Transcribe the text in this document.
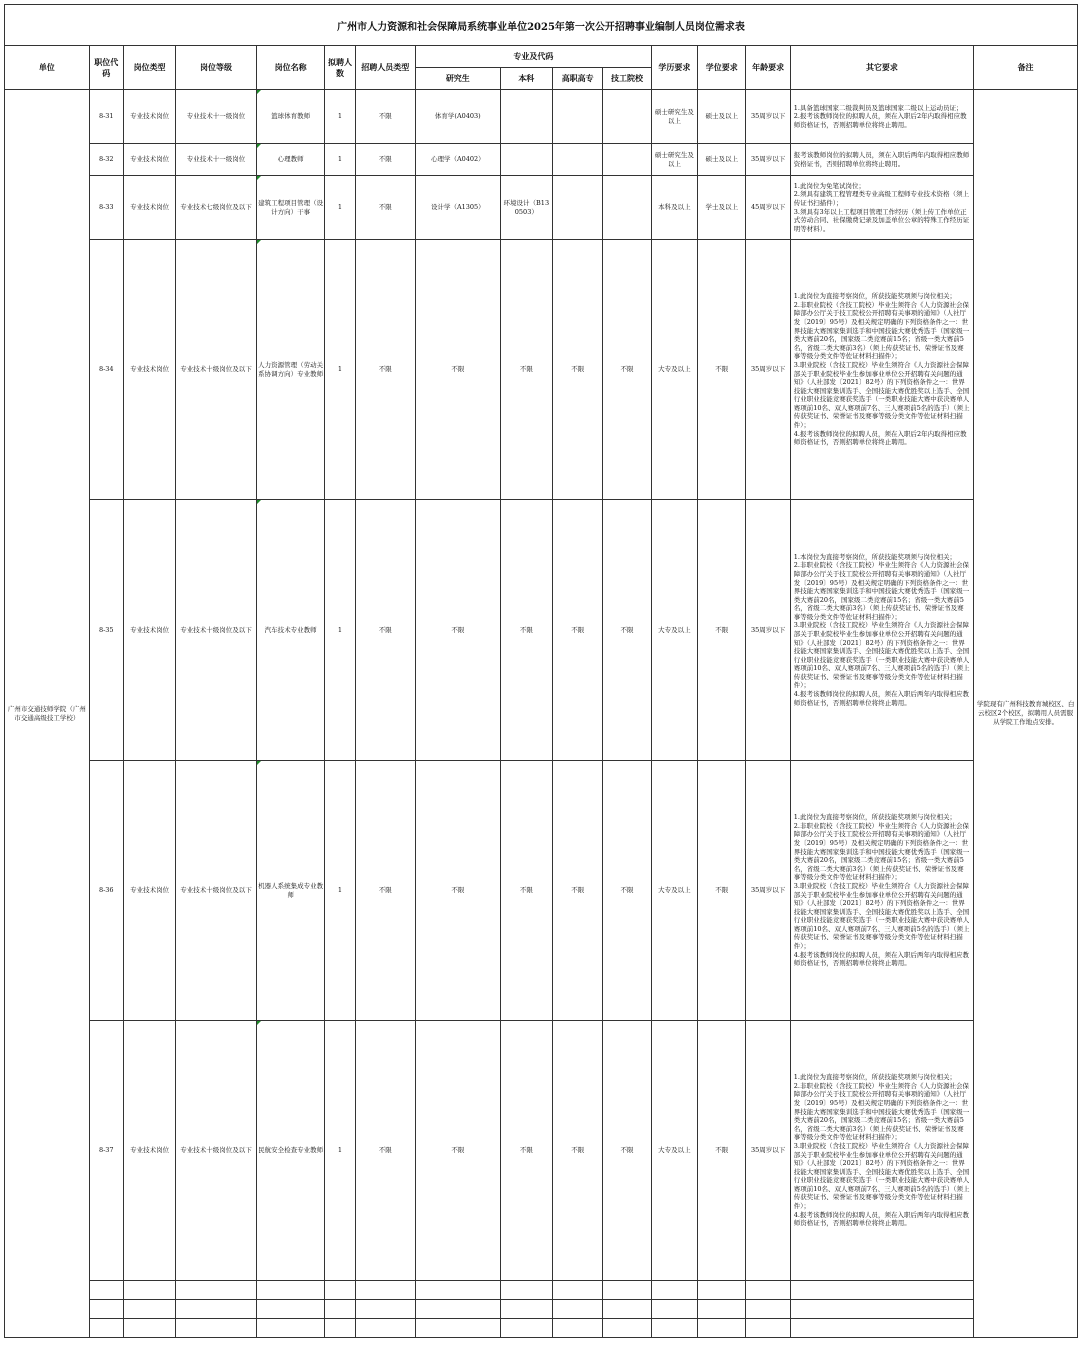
广州市人力资源和社会保障局系统事业单位2025年第一次公开招聘事业编制人员岗位需求表
单位	职位代码	岗位类型	岗位等级	岗位名称	拟聘人数	招聘人员类型	专业及代码				学历要求	学位要求	年龄要求	其它要求	备注
							研究生	本科	高职高专	技工院校					
广州市交通技师学院（广州市交通高级技工学校）	8-31	专业技术岗位	专业技术十一级岗位	篮球体育教师	1	不限	体育学(A0403)				硕士研究生及以上	硕士及以上	35周岁以下	1.具备篮球国家二级裁判员及篮球国家二级以上运动员证；

2.报考该教师岗位的拟聘人员，须在入职后2年内取得相应教师资格证书，否则招聘单位将终止聘用。	学院现有广州科技教育城校区、白云校区2个校区，拟聘用人员需服从学院工作地点安排。
	8-32	专业技术岗位	专业技术十一级岗位	心理教师	1	不限	心理学（A0402）				硕士研究生及以上	硕士及以上	35周岁以下	报考该教师岗位的拟聘人员，须在入职后两年内取得相应教师资格证书，否则招聘单位将终止聘用。	

	8-33	专业技术岗位	专业技术七级岗位及以下	建筑工程项目管理（设计方向）干事	1	不限	设计学（A1305）	环境设计（B130503）			本科及以上	学士及以上	45周岁以下	1.此岗位为免笔试岗位；

2.须具有建筑工程管理类专业高级工程师专业技术资格（须上传证书扫描件）；

3.须具有3年以上工程项目管理工作经历（须上传工作单位正式劳动合同、社保缴费记录及加盖单位公章的特殊工作经历证明等材料）。	

	8-34	专业技术岗位	专业技术十级岗位及以下	人力资源管理（劳动关系协调方向）专业教师	1	不限	不限	不限	不限	不限	大专及以上	不限	35周岁以下	1.此岗位为直接考察岗位，所获技能奖项须与岗位相关；

2.非职业院校（含技工院校）毕业生须符合《人力资源社会保障部办公厅关于技工院校公开招聘有关事项的通知》（人社厅发〔2019〕95号）及相关规定明确的下列资格条件之一：世界技能大赛国家集训选手和中国技能大赛优秀选手（国家级一类大赛前20名，国家级二类竞赛前15名；省级一类大赛前5名，省级二类大赛前3名）（须上传获奖证书、荣誉证书及赛事等级分类文件等佐证材料扫描件）；

3.职业院校（含技工院校）毕业生须符合《人力资源社会保障部关于职业院校毕业生参加事业单位公开招聘有关问题的通知》（人社部发〔2021〕82号）的下列资格条件之一：世界技能大赛国家集训选手、全国技能大赛优胜奖以上选手、全国行业职业技能竞赛获奖选手（一类职业技能大赛中获决赛单人赛项前10名、双人赛项前7名、三人赛项前5名的选手）（须上传获奖证书、荣誉证书及赛事等级分类文件等佐证材料扫描件）；

4.报考该教师岗位的拟聘人员，须在入职后2年内取得相应教师资格证书，否则招聘单位将终止聘用。	

	8-35	专业技术岗位	专业技术十级岗位及以下	汽车技术专业教师	1	不限	不限	不限	不限	不限	大专及以上	不限	35周岁以下	1.本岗位为直接考察岗位，所获技能奖项须与岗位相关；

2.非职业院校（含技工院校）毕业生须符合《人力资源社会保障部办公厅关于技工院校公开招聘有关事项的通知》（人社厅发〔2019〕95号）及相关规定明确的下列资格条件之一：世界技能大赛国家集训选手和中国技能大赛优秀选手（国家级一类大赛前20名，国家级二类竞赛前15名；省级一类大赛前5名，省级二类大赛前3名）（须上传获奖证书、荣誉证书及赛事等级分类文件等佐证材料扫描件）；

3.职业院校（含技工院校）毕业生须符合《人力资源社会保障部关于职业院校毕业生参加事业单位公开招聘有关问题的通知》（人社部发〔2021〕82号）的下列资格条件之一：世界技能大赛国家集训选手、全国技能大赛优胜奖以上选手、全国行业职业技能竞赛获奖选手（一类职业技能大赛中获决赛单人赛项前10名、双人赛项前7名、三人赛项前5名的选手）（须上传获奖证书、荣誉证书及赛事等级分类文件等佐证材料扫描件）；

4.报考该教师岗位的拟聘人员，须在入职后两年内取得相应教师资格证书，否则招聘单位将终止聘用。	

	8-36	专业技术岗位	专业技术十级岗位及以下	机器人系统集成专业教师	1	不限	不限	不限	不限	不限	大专及以上	不限	35周岁以下	1.此岗位为直接考察岗位，所获技能奖项须与岗位相关；

2.非职业院校（含技工院校）毕业生须符合《人力资源社会保障部办公厅关于技工院校公开招聘有关事项的通知》（人社厅发〔2019〕95号）及相关规定明确的下列资格条件之一：世界技能大赛国家集训选手和中国技能大赛优秀选手（国家级一类大赛前20名，国家级二类竞赛前15名；省级一类大赛前5名，省级二类大赛前3名）（须上传获奖证书、荣誉证书及赛事等级分类文件等佐证材料扫描件）；

3.职业院校（含技工院校）毕业生须符合《人力资源社会保障部关于职业院校毕业生参加事业单位公开招聘有关问题的通知》（人社部发〔2021〕82号）的下列资格条件之一：世界技能大赛国家集训选手、全国技能大赛优胜奖以上选手、全国行业职业技能竞赛获奖选手（一类职业技能大赛中获决赛单人赛项前10名、双人赛项前7名、三人赛项前5名的选手）（须上传获奖证书、荣誉证书及赛事等级分类文件等佐证材料扫描件）；

4.报考该教师岗位的拟聘人员，须在入职后两年内取得相应教师资格证书，否则招聘单位将终止聘用。	

	8-37	专业技术岗位	专业技术十级岗位及以下	民航安全检查专业教师	1	不限	不限	不限	不限	不限	大专及以上	不限	35周岁以下	1.此岗位为直接考察岗位，所获技能奖项须与岗位相关；

2.非职业院校（含技工院校）毕业生须符合《人力资源社会保障部办公厅关于技工院校公开招聘有关事项的通知》（人社厅发〔2019〕95号）及相关规定明确的下列资格条件之一：世界技能大赛国家集训选手和中国技能大赛优秀选手（国家级一类大赛前20名，国家级二类竞赛前15名；省级一类大赛前5名，省级二类大赛前3名）（须上传获奖证书、荣誉证书及赛事等级分类文件等佐证材料扫描件）；

3.职业院校（含技工院校）毕业生须符合《人力资源社会保障部关于职业院校毕业生参加事业单位公开招聘有关问题的通知》（人社部发〔2021〕82号）的下列资格条件之一：世界技能大赛国家集训选手、全国技能大赛优胜奖以上选手、全国行业职业技能竞赛获奖选手（一类职业技能大赛中获决赛单人赛项前10名、双人赛项前7名、三人赛项前5名的选手）（须上传获奖证书、荣誉证书及赛事等级分类文件等佐证材料扫描件）；

4.报考该教师岗位的拟聘人员，须在入职后两年内取得相应教师资格证书，否则招聘单位将终止聘用。	
